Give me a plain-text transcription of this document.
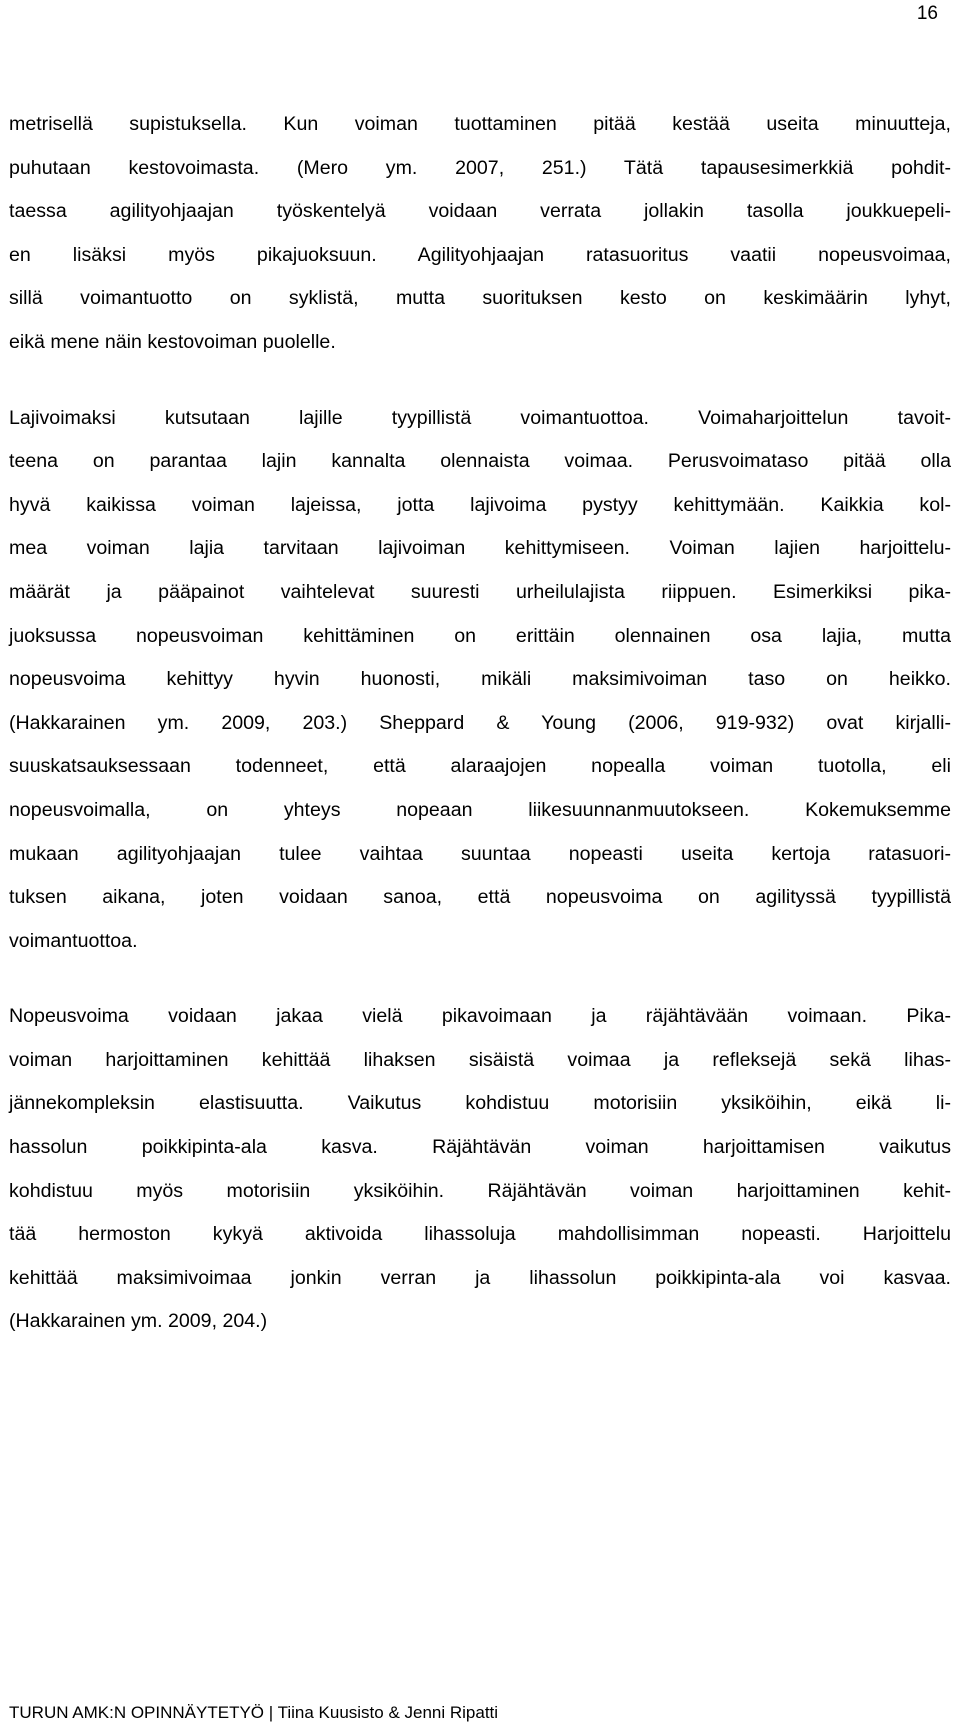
16

metrisellä supistuksella. Kun voiman tuottaminen pitää kestää useita minuutteja,
puhutaan kestovoimasta. (Mero ym. 2007, 251.) Tätä tapausesimerkkiä pohdit-
taessa agilityohjaajan työskentelyä voidaan verrata jollakin tasolla joukkuepeli-
en lisäksi myös pikajuoksuun. Agilityohjaajan ratasuoritus vaatii nopeusvoimaa,
sillä voimantuotto on syklistä, mutta suorituksen kesto on keskimäärin lyhyt,
eikä mene näin kestovoiman puolelle.

Lajivoimaksi kutsutaan lajille tyypillistä voimantuottoa. Voimaharjoittelun tavoit-
teena on parantaa lajin kannalta olennaista voimaa. Perusvoimataso pitää olla
hyvä kaikissa voiman lajeissa, jotta lajivoima pystyy kehittymään. Kaikkia kol-
mea voiman lajia tarvitaan lajivoiman kehittymiseen. Voiman lajien harjoittelu-
määrät ja pääpainot vaihtelevat suuresti urheilulajista riippuen. Esimerkiksi pika-
juoksussa nopeusvoiman kehittäminen on erittäin olennainen osa lajia, mutta
nopeusvoima kehittyy hyvin huonosti, mikäli maksimivoiman taso on heikko.
(Hakkarainen ym. 2009, 203.) Sheppard & Young (2006, 919-932) ovat kirjalli-
suuskatsauksessaan todenneet, että alaraajojen nopealla voiman tuotolla, eli
nopeusvoimalla, on yhteys nopeaan liikesuunnanmuutokseen. Kokemuksemme
mukaan agilityohjaajan tulee vaihtaa suuntaa nopeasti useita kertoja ratasuori-
tuksen aikana, joten voidaan sanoa, että nopeusvoima on agilityssä tyypillistä
voimantuottoa.

Nopeusvoima voidaan jakaa vielä pikavoimaan ja räjähtävään voimaan. Pika-
voiman harjoittaminen kehittää lihaksen sisäistä voimaa ja refleksejä sekä lihas-
jännekompleksin elastisuutta. Vaikutus kohdistuu motorisiin yksiköihin, eikä li-
hassolun poikkipinta-ala kasva. Räjähtävän voiman harjoittamisen vaikutus
kohdistuu myös motorisiin yksiköihin. Räjähtävän voiman harjoittaminen kehit-
tää hermoston kykyä aktivoida lihassoluja mahdollisimman nopeasti. Harjoittelu
kehittää maksimivoimaa jonkin verran ja lihassolun poikkipinta-ala voi kasvaa.
(Hakkarainen ym. 2009, 204.)

TURUN AMK:N OPINNÄYTETYÖ | Tiina Kuusisto & Jenni Ripatti
